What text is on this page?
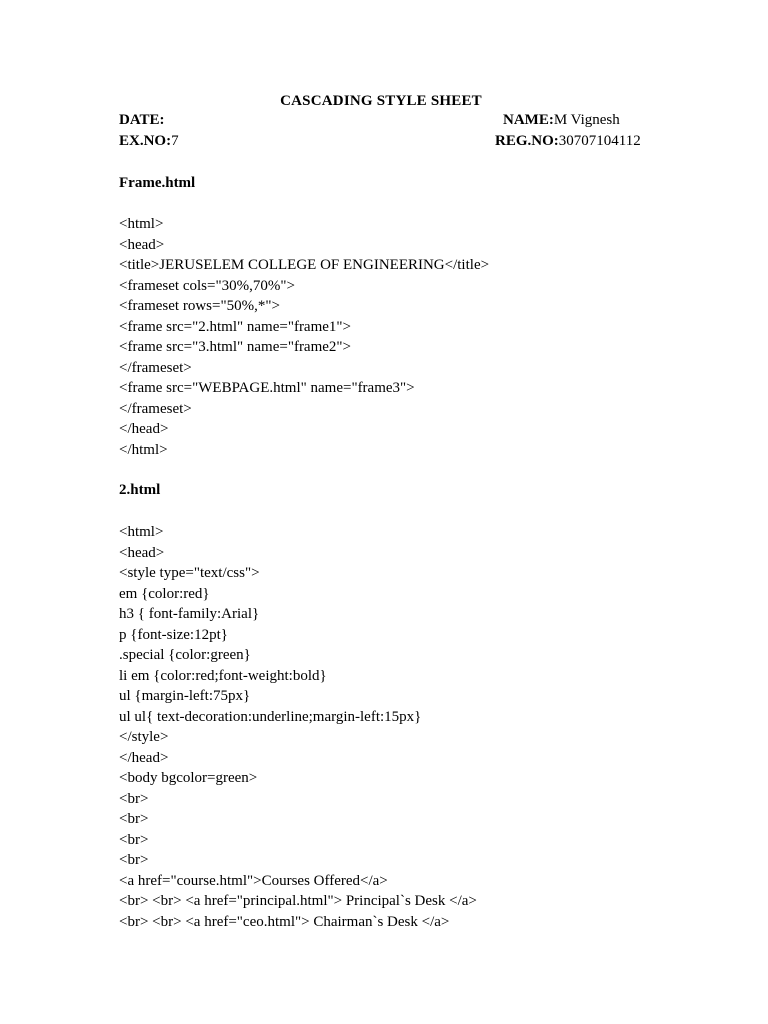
CASCADING STYLE SHEET
DATE:	NAME:M Vignesh
EX.NO:7	REG.NO:30707104112
Frame.html
<html>
<head>
<title>JERUSELEM COLLEGE OF ENGINEERING</title>
<frameset cols="30%,70%">
<frameset rows="50%,*">
<frame src="2.html" name="frame1">
<frame src="3.html" name="frame2">
</frameset>
<frame src="WEBPAGE.html" name="frame3">
</frameset>
</head>
</html>
2.html
<html>
<head>
<style type="text/css">
em {color:red}
h3 { font-family:Arial}
p {font-size:12pt}
.special {color:green}
li em {color:red;font-weight:bold}
ul {margin-left:75px}
ul ul{ text-decoration:underline;margin-left:15px}
</style>
</head>
<body bgcolor=green>
<br>
<br>
<br>
<br>
<a href="course.html">Courses Offered</a>
<br> <br> <a href="principal.html"> Principal`s Desk </a>
<br> <br> <a href="ceo.html"> Chairman`s Desk </a>
